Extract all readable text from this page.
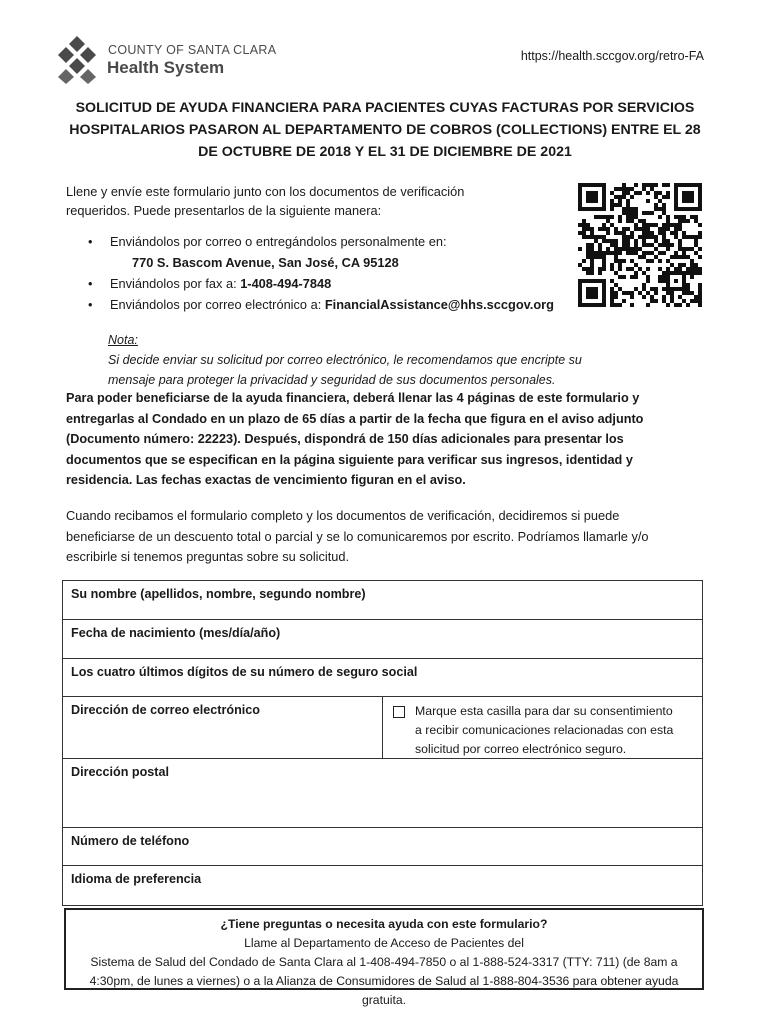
COUNTY OF SANTA CLARA
Health System
https://health.sccgov.org/retro-FA
SOLICITUD DE AYUDA FINANCIERA PARA PACIENTES CUYAS FACTURAS POR SERVICIOS
HOSPITALARIOS PASARON AL DEPARTAMENTO DE COBROS (COLLECTIONS) ENTRE EL 28
DE OCTUBRE DE 2018 Y EL 31 DE DICIEMBRE DE 2021
Llene y envíe este formulario junto con los documentos de verificación
requeridos. Puede presentarlos de la siguiente manera:
• Enviándolos por correo o entregándolos personalmente en:
770 S. Bascom Avenue, San José, CA 95128
• Enviándolos por fax a: 1-408-494-7848
• Enviándolos por correo electrónico a: FinancialAssistance@hhs.sccgov.org
Nota:
Si decide enviar su solicitud por correo electrónico, le recomendamos que encripte su
mensaje para proteger la privacidad y seguridad de sus documentos personales.
Para poder beneficiarse de la ayuda financiera, deberá llenar las 4 páginas de este formulario y
entregarlas al Condado en un plazo de 65 días a partir de la fecha que figura en el aviso adjunto
(Documento número: 22223). Después, dispondrá de 150 días adicionales para presentar los
documentos que se especifican en la página siguiente para verificar sus ingresos, identidad y
residencia. Las fechas exactas de vencimiento figuran en el aviso.
Cuando recibamos el formulario completo y los documentos de verificación, decidiremos si puede
beneficiarse de un descuento total o parcial y se lo comunicaremos por escrito. Podríamos llamarle y/o
escribirle si tenemos preguntas sobre su solicitud.
Su nombre (apellidos, nombre, segundo nombre)
Fecha de nacimiento (mes/día/año)
Los cuatro últimos dígitos de su número de seguro social
Dirección de correo electrónico	Marque esta casilla para dar su consentimiento
a recibir comunicaciones relacionadas con esta
solicitud por correo electrónico seguro.
Dirección postal
Número de teléfono
Idioma de preferencia
¿Tiene preguntas o necesita ayuda con este formulario?
Llame al Departamento de Acceso de Pacientes del
Sistema de Salud del Condado de Santa Clara al 1-408-494-7850 o al 1-888-524-3317 (TTY: 711) (de 8am a
4:30pm, de lunes a viernes) o a la Alianza de Consumidores de Salud al 1-888-804-3536 para obtener ayuda
gratuita.
